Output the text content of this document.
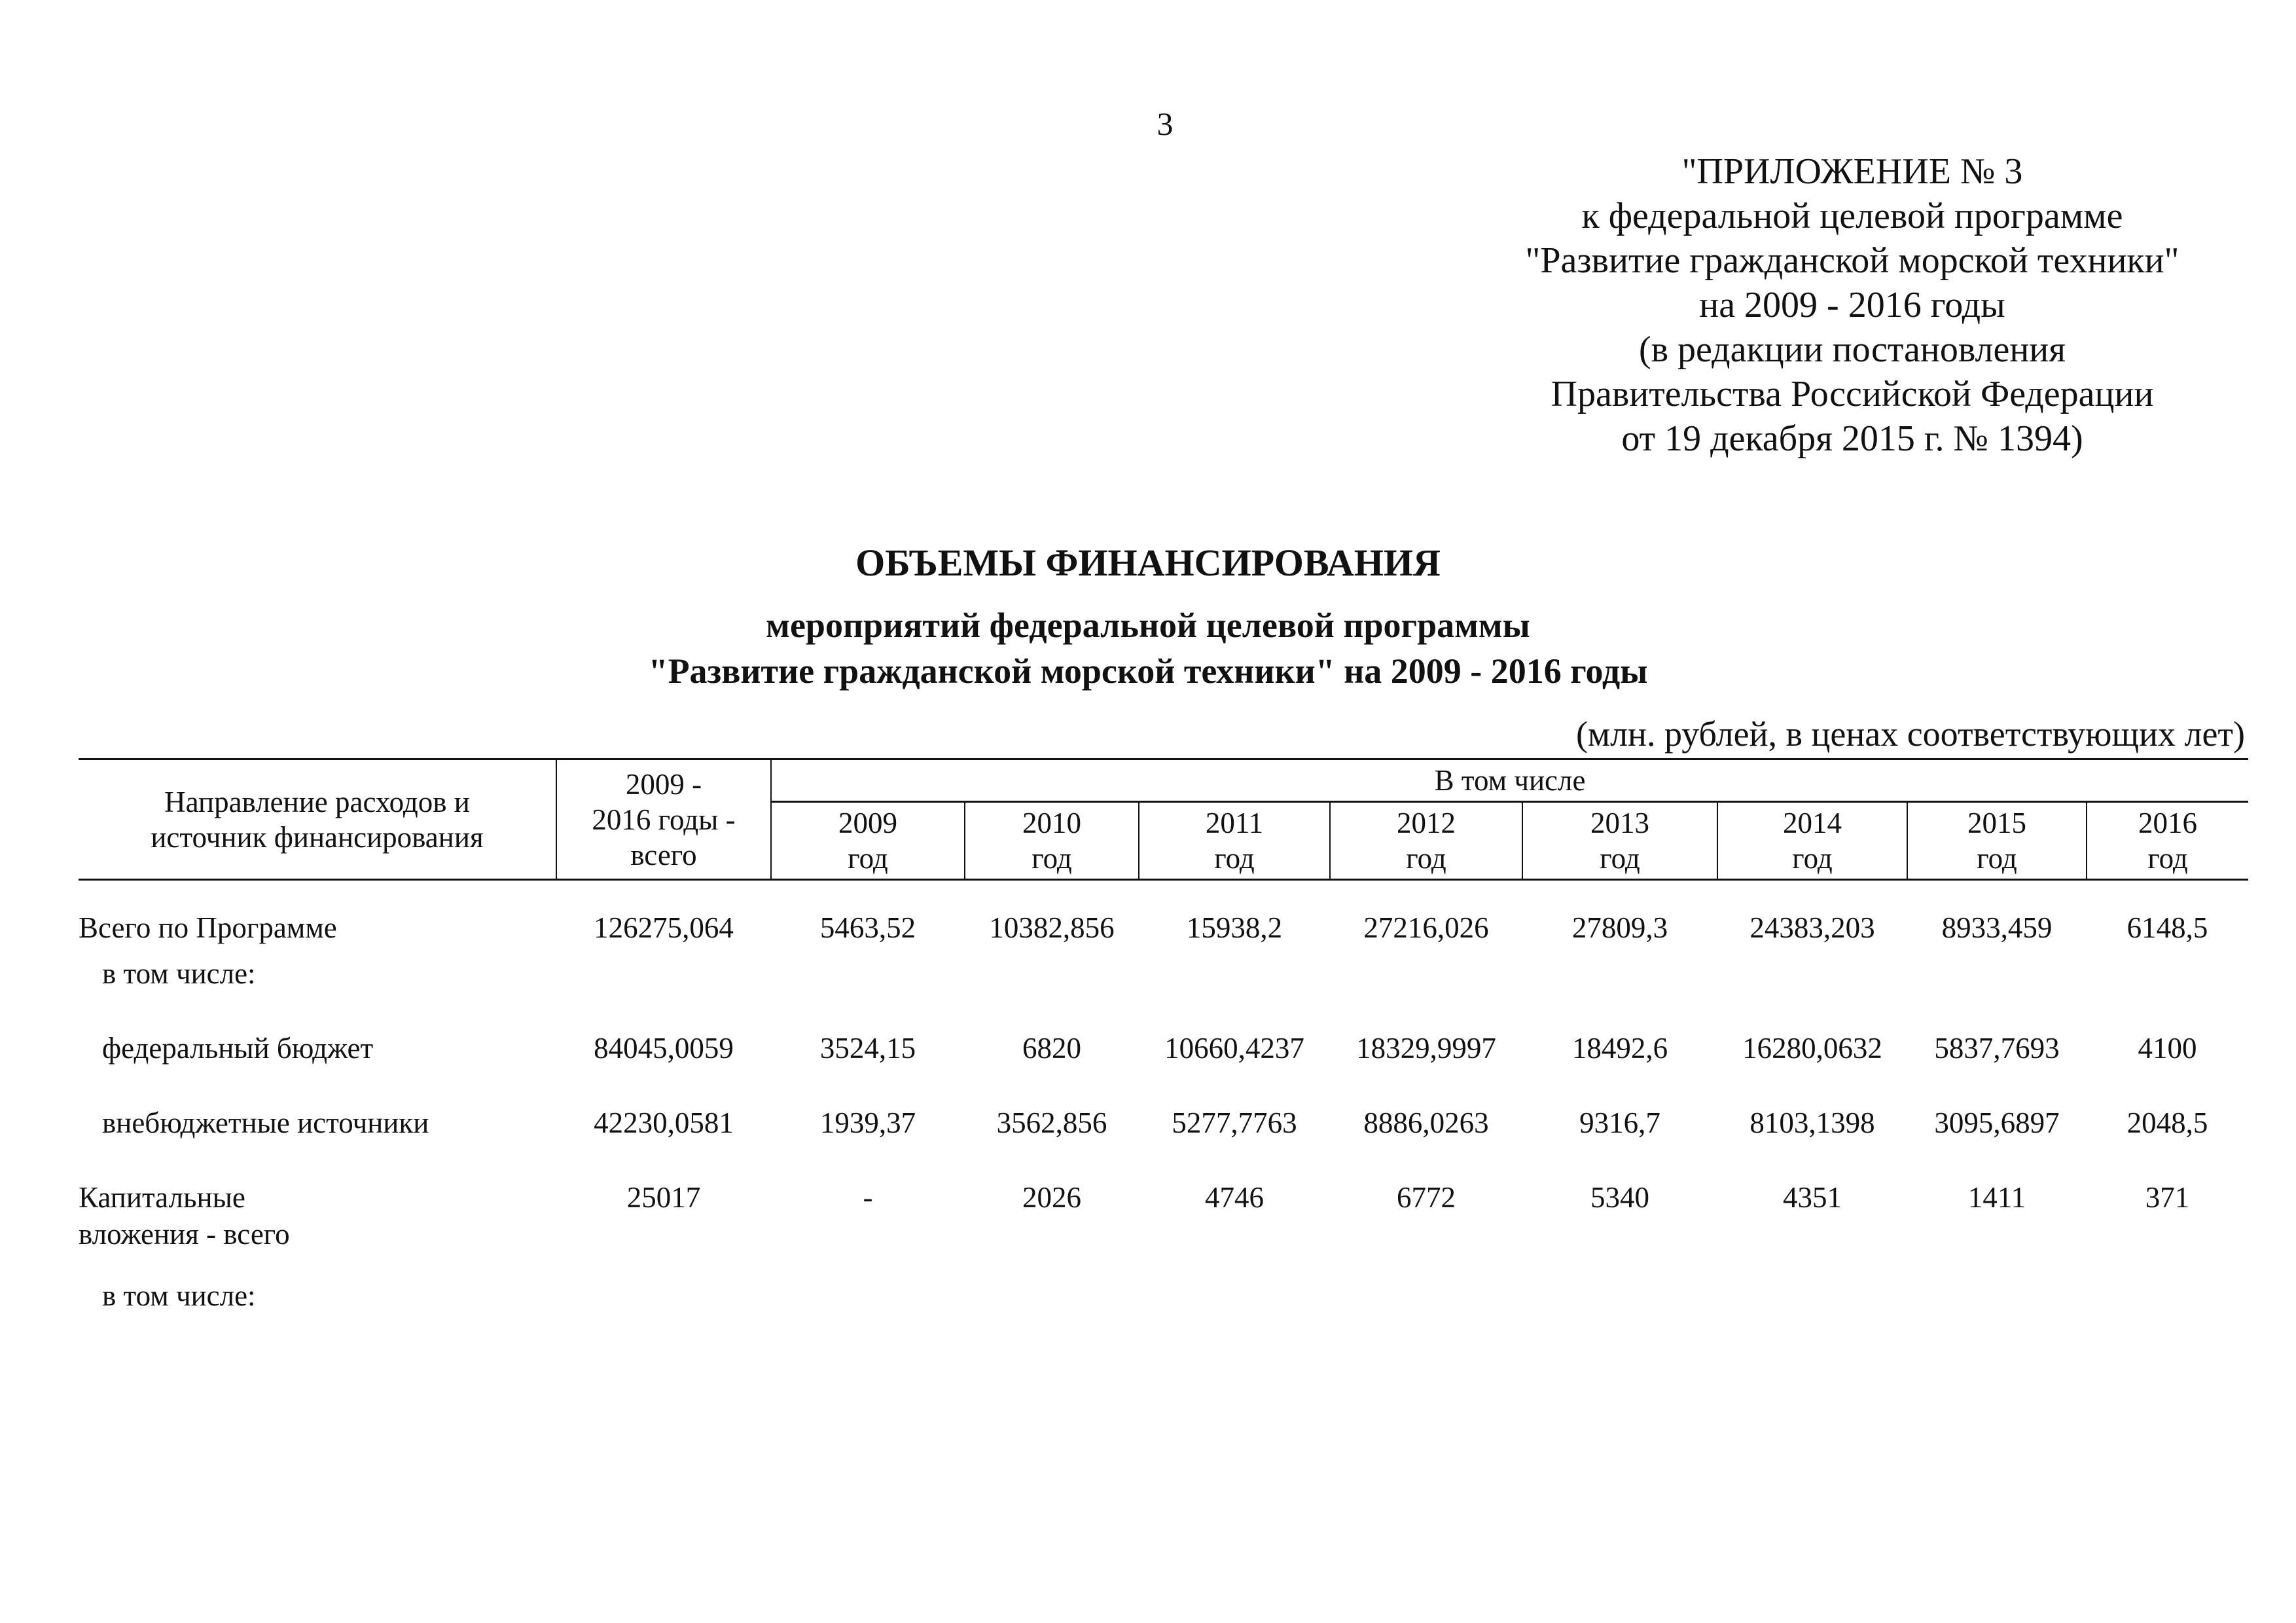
3
"ПРИЛОЖЕНИЕ № 3
к федеральной целевой программе
"Развитие гражданской морской техники"
на 2009 - 2016 годы
(в редакции постановления
Правительства Российской Федерации
от 19 декабря 2015 г. № 1394)
ОБЪЕМЫ ФИНАНСИРОВАНИЯ
мероприятий федеральной целевой программы
"Развитие гражданской морской техники" на 2009 - 2016 годы
(млн. рублей, в ценах соответствующих лет)
Направление расходов и
источник финансирования	2009 -
2016 годы -
всего	В том числе							

		2009
год	2010
год	2011
год	2012
год	2013
год	2014
год	2015
год	2016
год

Всего по Программе	126275,064	5463,52	10382,856	15938,2	27216,026	27809,3	24383,203	8933,459	6148,5
в том числе:									
федеральный бюджет	84045,0059	3524,15	6820	10660,4237	18329,9997	18492,6	16280,0632	5837,7693	4100
внебюджетные источники	42230,0581	1939,37	3562,856	5277,7763	8886,0263	9316,7	8103,1398	3095,6897	2048,5

Капитальные
вложения - всего	25017	-	2026	4746	6772	5340	4351	1411	371
в том числе:									
